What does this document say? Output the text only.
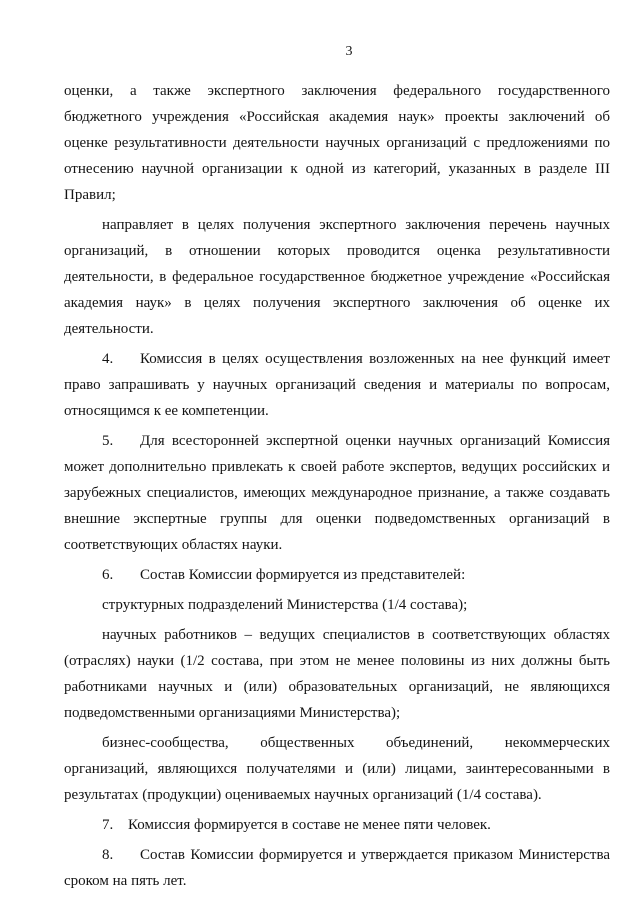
3

оценки, а также экспертного заключения федерального государственного бюджетного учреждения «Российская академия наук» проекты заключений об оценке результативности деятельности научных организаций с предложениями по отнесению научной организации к одной из категорий, указанных в разделе III Правил;

направляет в целях получения экспертного заключения перечень научных организаций, в отношении которых проводится оценка результативности деятельности, в федеральное государственное бюджетное учреждение «Российская академия наук» в целях получения экспертного заключения об оценке их деятельности.

4. Комиссия в целях осуществления возложенных на нее функций имеет право запрашивать у научных организаций сведения и материалы по вопросам, относящимся к ее компетенции.

5. Для всесторонней экспертной оценки научных организаций Комиссия может дополнительно привлекать к своей работе экспертов, ведущих российских и зарубежных специалистов, имеющих международное признание, а также создавать внешние экспертные группы для оценки подведомственных организаций в соответствующих областях науки.

6. Состав Комиссии формируется из представителей:

структурных подразделений Министерства (1/4 состава);

научных работников – ведущих специалистов в соответствующих областях (отраслях) науки (1/2 состава, при этом не менее половины из них должны быть работниками научных и (или) образовательных организаций, не являющихся подведомственными организациями Министерства);

бизнес-сообщества, общественных объединений, некоммерческих организаций, являющихся получателями и (или) лицами, заинтересованными в результатах (продукции) оцениваемых научных организаций (1/4 состава).

7. Комиссия формируется в составе не менее пяти человек.

8. Состав Комиссии формируется и утверждается приказом Министерства сроком на пять лет.
